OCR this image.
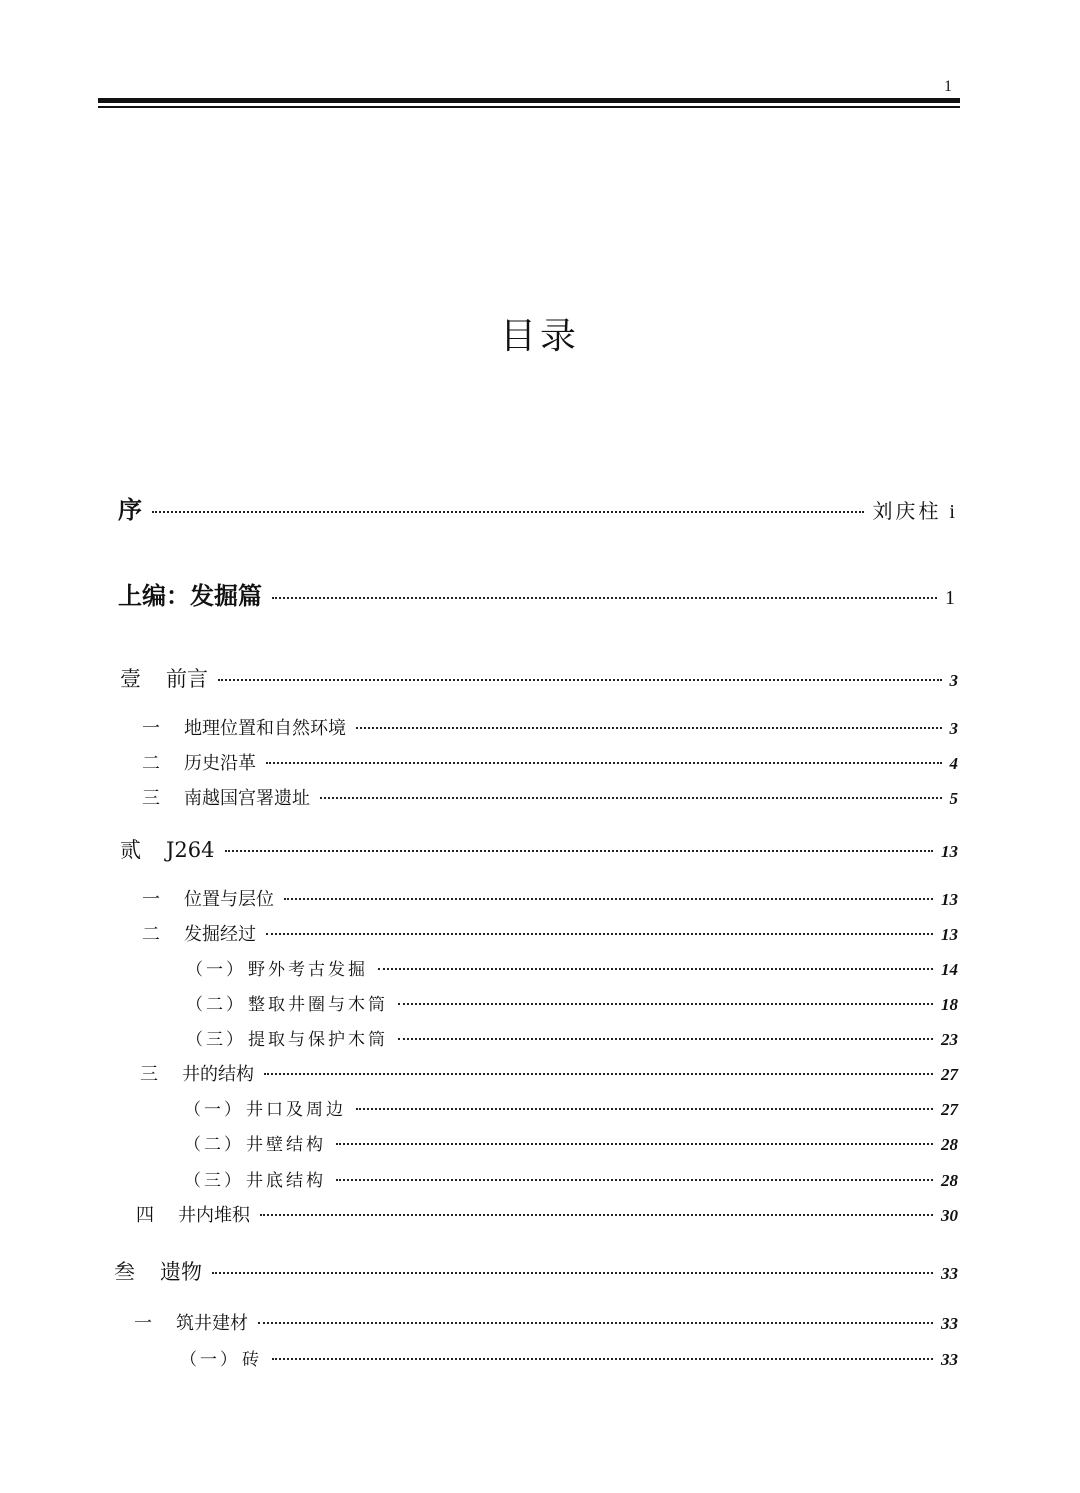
1
目录
序	刘庆柱 i
上编：发掘篇	1
壹	前言	3
一	地理位置和自然环境	3
二	历史沿革	4
三	南越国宫署遗址	5
贰	J264	13
一	位置与层位	13
二	发掘经过	13
（一） 野外考古发掘	14
（二） 整取井圈与木筒	18
（三） 提取与保护木筒	23
三	井的结构	27
（一） 井口及周边	27
（二） 井壁结构	28
（三） 井底结构	28
四	井内堆积	30
叁	遗物	33
一	筑井建材	33
（一） 砖	33
